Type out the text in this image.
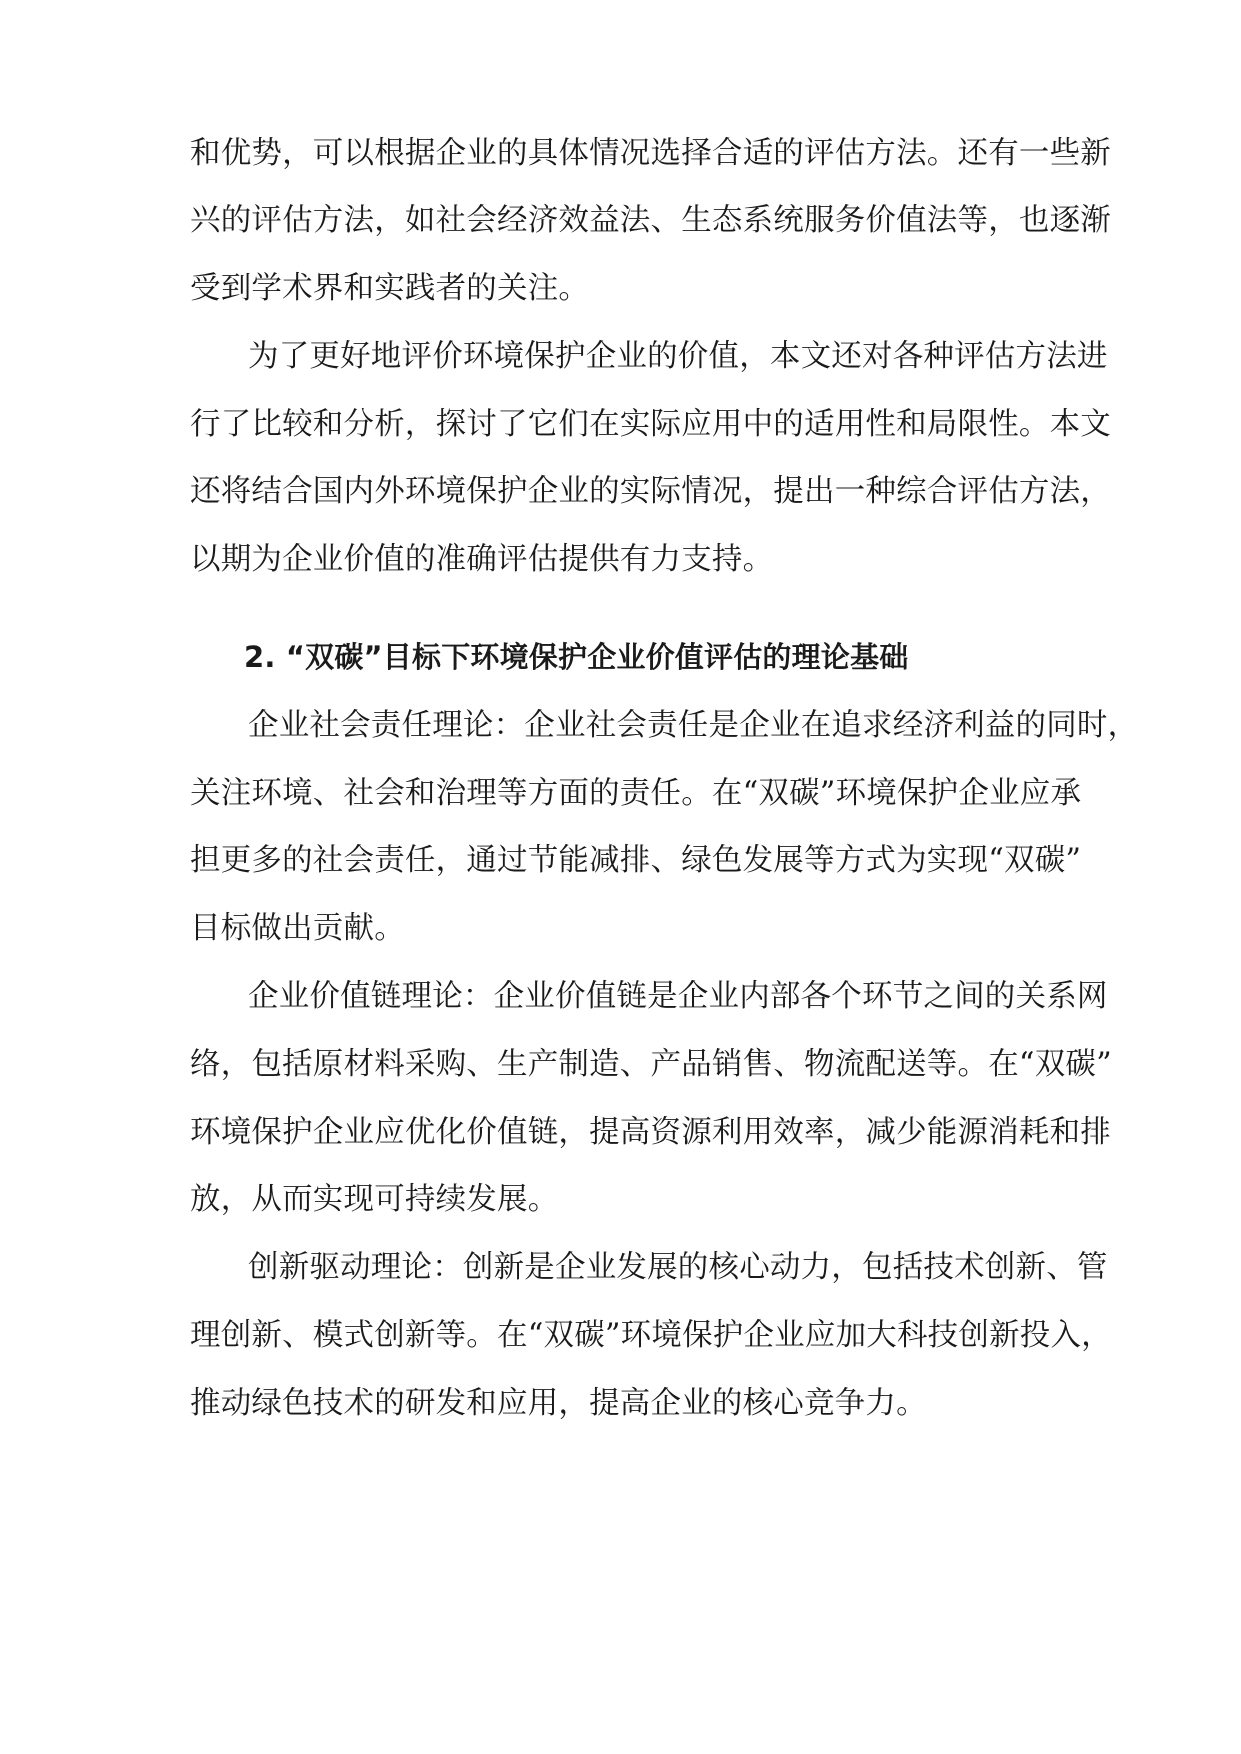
和优势，可以根据企业的具体情况选择合适的评估方法。还有一些新
兴的评估方法，如社会经济效益法、生态系统服务价值法等，也逐渐
受到学术界和实践者的关注。
为了更好地评价环境保护企业的价值，本文还对各种评估方法进
行了比较和分析，探讨了它们在实际应用中的适用性和局限性。本文
还将结合国内外环境保护企业的实际情况，提出一种综合评估方法，
以期为企业价值的准确评估提供有力支持。
2. “双碳”目标下环境保护企业价值评估的理论基础
企业社会责任理论：企业社会责任是企业在追求经济利益的同时，
关注环境、社会和治理等方面的责任。在“双碳”环境保护企业应承
担更多的社会责任，通过节能减排、绿色发展等方式为实现“双碳”
目标做出贡献。
企业价值链理论：企业价值链是企业内部各个环节之间的关系网
络，包括原材料采购、生产制造、产品销售、物流配送等。在“双碳”
环境保护企业应优化价值链，提高资源利用效率，减少能源消耗和排
放，从而实现可持续发展。
创新驱动理论：创新是企业发展的核心动力，包括技术创新、管
理创新、模式创新等。在“双碳”环境保护企业应加大科技创新投入，
推动绿色技术的研发和应用，提高企业的核心竞争力。
